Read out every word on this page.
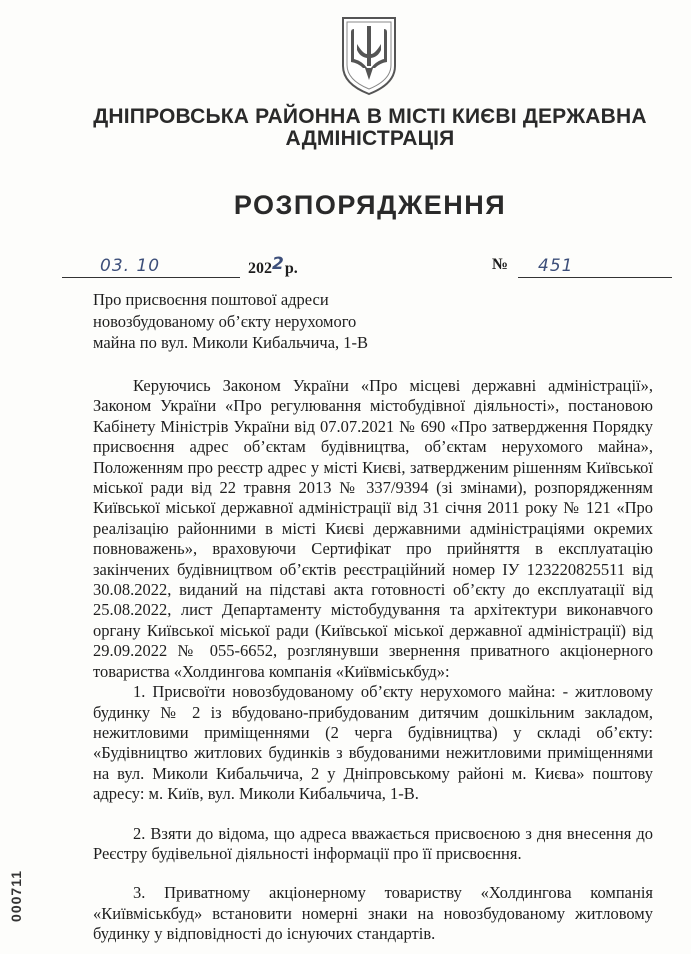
ДНІПРОВСЬКА РАЙОННА В МІСТІ КИЄВІ ДЕРЖАВНА АДМІНІСТРАЦІЯ
РОЗПОРЯДЖЕННЯ
03. 10	2022р.	№	451
Про присвоєння поштової адреси
новозбудованому об’єкту нерухомого
майна по вул. Миколи Кибальчича, 1-В

Керуючись Законом України «Про місцеві державні адміністрації», Законом України «Про регулювання містобудівної діяльності», постановою Кабінету Міністрів України від 07.07.2021 № 690 «Про затвердження Порядку присвоєння адрес об’єктам будівництва, об’єктам нерухомого майна», Положенням про реєстр адрес у місті Києві, затвердженим рішенням Київської міської ради від 22 травня 2013 № 337/9394 (зі змінами), розпорядженням Київської міської державної адміністрації від 31 січня 2011 року № 121 «Про реалізацію районними в місті Києві державними адміністраціями окремих повноважень», враховуючи Сертифікат про прийняття в експлуатацію закінчених будівництвом об’єктів реєстраційний номер ІУ 123220825511 від 30.08.2022, виданий на підставі акта готовності об’єкту до експлуатації від 25.08.2022, лист Департаменту містобудування та архітектури виконавчого органу Київської міської ради (Київської міської державної адміністрації) від 29.09.2022 № 055-6652, розглянувши звернення приватного акціонерного товариства «Холдингова компанія «Київміськбуд»:

1. Присвоїти новозбудованому об’єкту нерухомого майна: - житловому будинку № 2 із вбудовано-прибудованим дитячим дошкільним закладом, нежитловими приміщеннями (2 черга будівництва) у складі об’єкту: «Будівництво житлових будинків з вбудованими нежитловими приміщеннями на вул. Миколи Кибальчича, 2 у Дніпровському районі м. Києва» поштову адресу: м. Київ, вул. Миколи Кибальчича, 1-В.

2. Взяти до відома, що адреса вважається присвоєною з дня внесення до Реєстру будівельної діяльності інформації про її присвоєння.

3. Приватному акціонерному товариству «Холдингова компанія «Київміськбуд» встановити номерні знаки на новозбудованому житловому будинку у відповідності до існуючих стандартів.

000711
